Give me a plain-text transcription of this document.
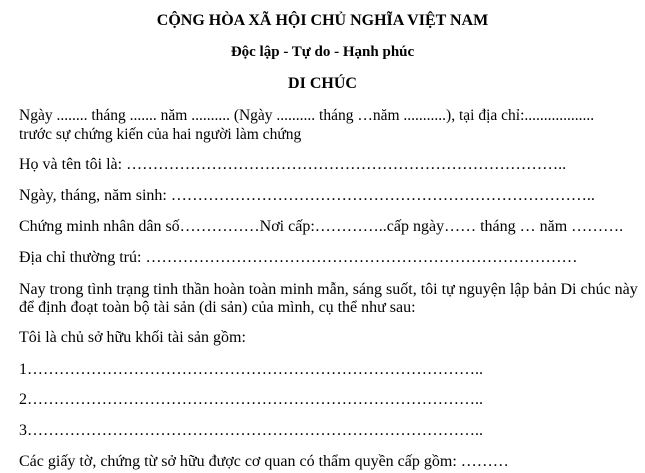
CỘNG HÒA XÃ HỘI CHỦ NGHĨA VIỆT NAM
Độc lập - Tự do - Hạnh phúc
DI CHÚC
Ngày ........ tháng ....... năm .......... (Ngày .......... tháng …năm ...........), tại địa chỉ:..................
trước sự chứng kiến của hai người làm chứng
Họ và tên tôi là: ………………………………………………………………………..
Ngày, tháng, năm sinh: ……………………………………………………………………..
Chứng minh nhân dân số……………Nơi cấp:…………..cấp ngày…… tháng … năm ……….
Địa chỉ thường trú: ………………………………………………………………………
Nay trong tình trạng tinh thần hoàn toàn minh mẫn, sáng suốt, tôi tự nguyện lập bản Di chúc này
để định đoạt toàn bộ tài sản (di sản) của mình, cụ thể như sau:
Tôi là chủ sở hữu khối tài sản gồm:
1…………………………………………………………………………..
2…………………………………………………………………………..
3…………………………………………………………………………..
Các giấy tờ, chứng từ sở hữu được cơ quan có thẩm quyền cấp gồm: ………
